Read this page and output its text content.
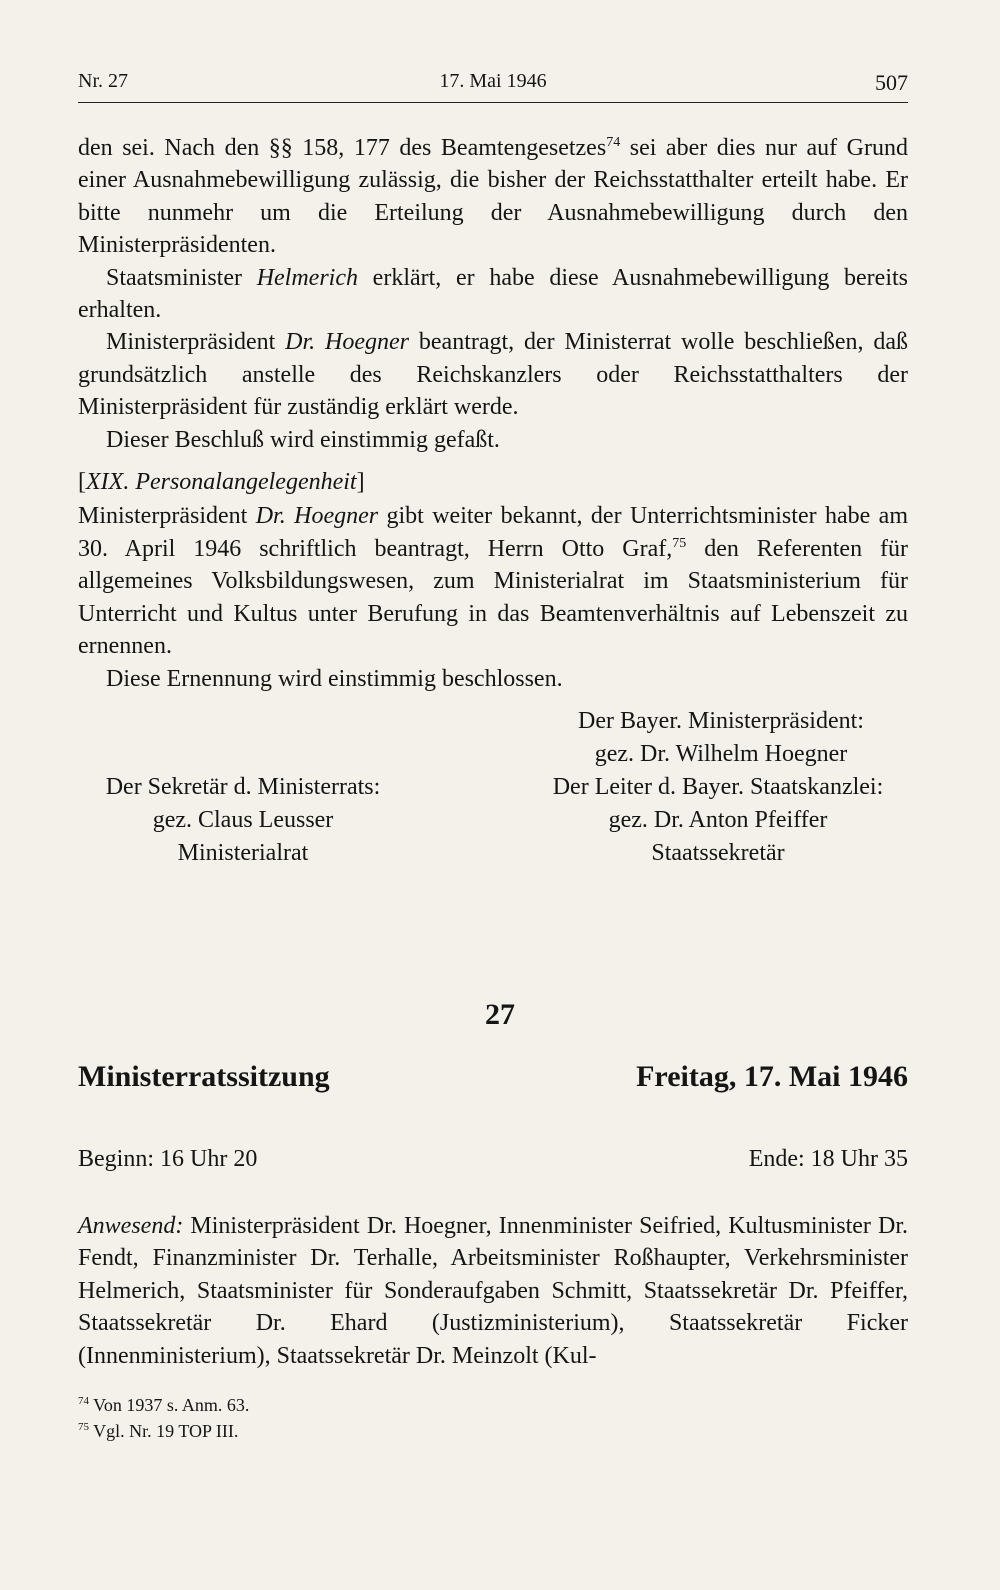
Nr. 27	17. Mai 1946	507

den sei. Nach den §§ 158, 177 des Beamtengesetzes$^{74}$ sei aber dies nur auf Grund einer Ausnahmebewilligung zulässig, die bisher der Reichsstatthalter erteilt habe. Er bitte nunmehr um die Erteilung der Ausnahmebewilligung durch den Ministerpräsidenten.

Staatsminister Helmerich erklärt, er habe diese Ausnahmebewilligung bereits erhalten.

Ministerpräsident Dr. Hoegner beantragt, der Ministerrat wolle beschließen, daß grundsätzlich anstelle des Reichskanzlers oder Reichsstatthalters der Ministerpräsident für zuständig erklärt werde.

Dieser Beschluß wird einstimmig gefaßt.

[XIX. Personalangelegenheit]

Ministerpräsident Dr. Hoegner gibt weiter bekannt, der Unterrichtsminister habe am 30. April 1946 schriftlich beantragt, Herrn Otto Graf,$^{75}$ den Referenten für allgemeines Volksbildungswesen, zum Ministerialrat im Staatsministerium für Unterricht und Kultus unter Berufung in das Beamtenverhältnis auf Lebenszeit zu ernennen.

Diese Ernennung wird einstimmig beschlossen.

Der Bayer. Ministerpräsident:
gez. Dr. Wilhelm Hoegner
Der Sekretär d. Ministerrats:
gez. Claus Leusser
Ministerialrat
Der Leiter d. Bayer. Staatskanzlei:
gez. Dr. Anton Pfeiffer
Staatssekretär
27
Ministerratssitzung	Freitag, 17. Mai 1946
Beginn: 16 Uhr 20	Ende: 18 Uhr 35

Anwesend: Ministerpräsident Dr. Hoegner, Innenminister Seifried, Kultusminister Dr. Fendt, Finanzminister Dr. Terhalle, Arbeitsminister Roßhaupter, Verkehrsminister Helmerich, Staatsminister für Sonderaufgaben Schmitt, Staatssekretär Dr. Pfeiffer, Staatssekretär Dr. Ehard (Justizministerium), Staatssekretär Ficker (Innenministerium), Staatssekretär Dr. Meinzolt (Kul-

$^{74}$ Von 1937 s. Anm. 63.
$^{75}$ Vgl. Nr. 19 TOP III.
